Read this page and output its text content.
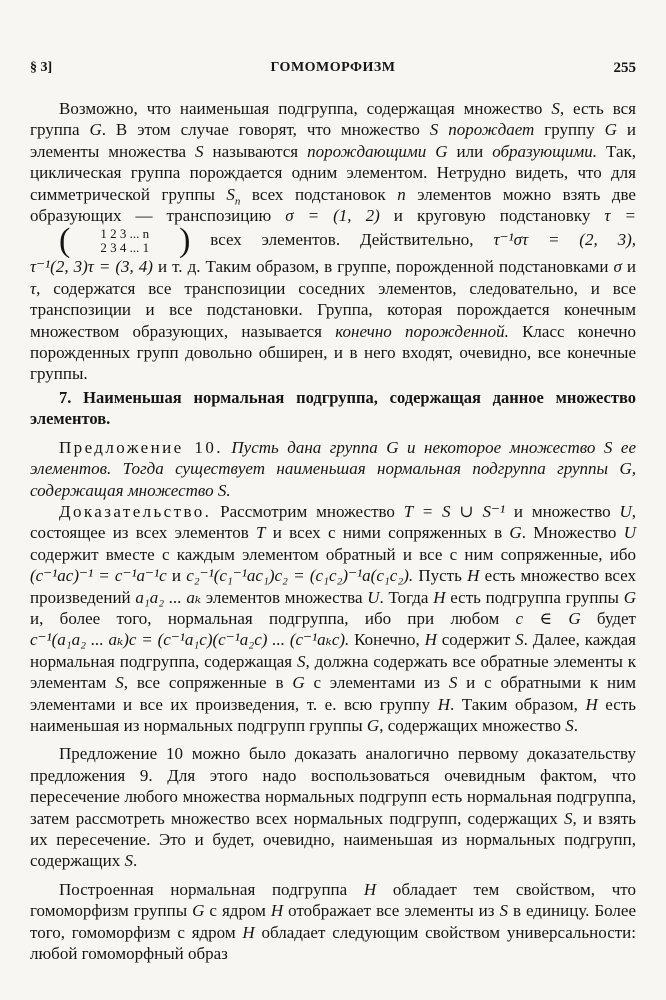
§ 3]	ГОМОМОРФИЗМ	255

Возможно, что наименьшая подгруппа, содержащая множество S, есть вся группа G. В этом случае говорят, что множество S порождает группу G и элементы множества S называются порождающими G или образующими. Так, циклическая группа порождается одним элементом. Нетрудно видеть, что для симметрической группы $S_n$ всех подстановок n элементов можно взять две образующих — транспозицию σ = (1, 2) и круговую подстановку τ =
(	1 2 3 ... n
2 3 4 ... 1 ) всех элементов. Действительно, τ⁻¹στ = (2, 3), τ⁻¹(2, 3)τ = (3, 4) и т. д. Таким образом, в группе, порожденной подстановками σ и τ, содержатся все транспозиции соседних элементов, следовательно, и все транспозиции и все подстановки. Группа, которая порождается конечным множеством образующих, называется конечно порожденной. Класс конечно порожденных групп довольно обширен, и в него входят, очевидно, все конечные группы.

7. Наименьшая нормальная подгруппа, содержащая данное множество элементов.

Предложение 10. Пусть дана группа G и некоторое множество S ее элементов. Тогда существует наименьшая нормальная подгруппа группы G, содержащая множество S.

Доказательство. Рассмотрим множество T = S ∪ S⁻¹ и множество U, состоящее из всех элементов T и всех с ними сопряженных в G. Множество U содержит вместе с каждым элементом обратный и все с ним сопряженные, ибо (c⁻¹ac)⁻¹ = c⁻¹a⁻¹c и c₂⁻¹(c₁⁻¹ac₁)c₂ = (c₁c₂)⁻¹a(c₁c₂). Пусть H есть множество всех произведений a₁a₂ ... aₖ элементов множества U. Тогда H есть подгруппа группы G и, более того, нормальная подгруппа, ибо при любом c ∈ G будет c⁻¹(a₁a₂ ... aₖ)c = (c⁻¹a₁c)(c⁻¹a₂c) ... (c⁻¹aₖc). Конечно, H содержит S. Далее, каждая нормальная подгруппа, содержащая S, должна содержать все обратные элементы к элементам S, все сопряженные в G с элементами из S и с обратными к ним элементами и все их произведения, т. е. всю группу H. Таким образом, H есть наименьшая из нормальных подгрупп группы G, содержащих множество S.

Предложение 10 можно было доказать аналогично первому доказательству предложения 9. Для этого надо воспользоваться очевидным фактом, что пересечение любого множества нормальных подгрупп есть нормальная подгруппа, затем рассмотреть множество всех нормальных подгрупп, содержащих S, и взять их пересечение. Это и будет, очевидно, наименьшая из нормальных подгрупп, содержащих S.

Построенная нормальная подгруппа H обладает тем свойством, что гомоморфизм группы G с ядром H отображает все элементы из S в единицу. Более того, гомоморфизм с ядром H обладает следующим свойством универсальности: любой гомоморфный образ
